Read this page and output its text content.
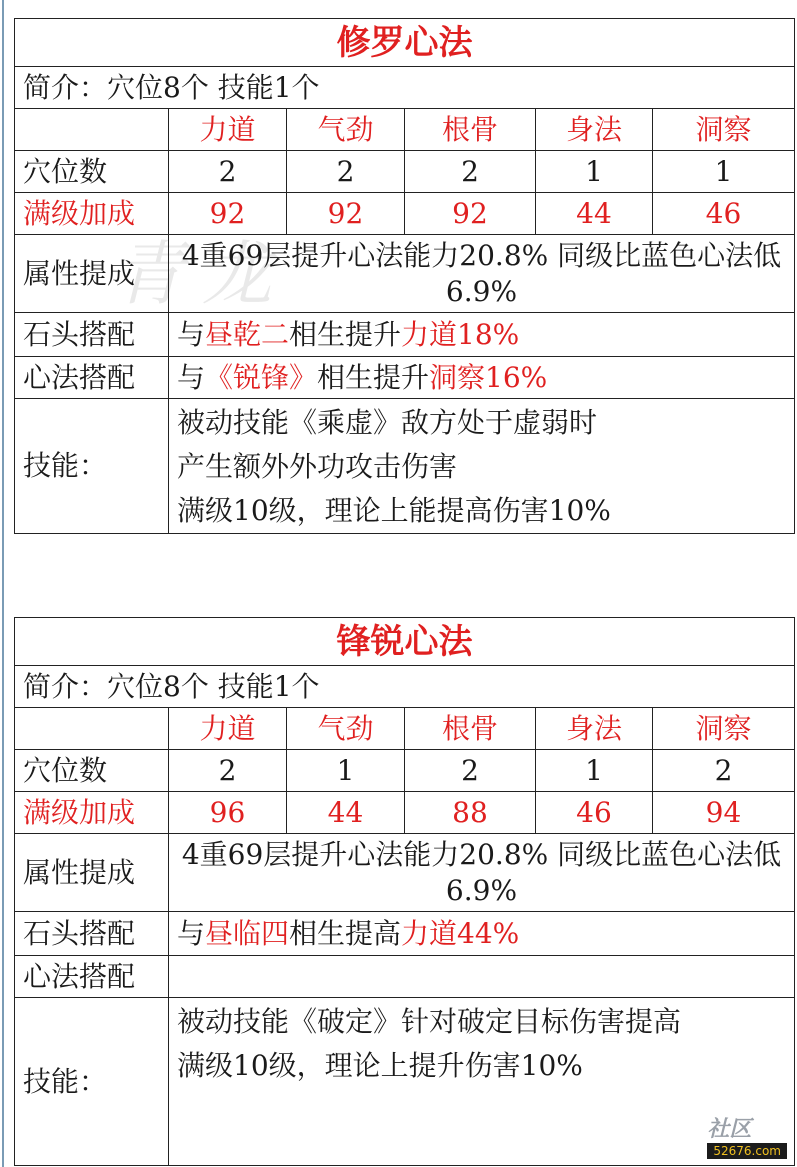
青龙
修罗心法					
简介：穴位8个 技能1个					
	力道	气劲	根骨	身法	洞察
穴位数	2	2	2	1	1
满级加成	92	92	92	44	46
属性提成	4重69层提升心法能力20.8% 同级比蓝色心法低6.9%				
石头搭配	与昼乾二相生提升力道18%				
心法搭配	与《锐锋》相生提升洞察16%				
技能：	被动技能《乘虚》敌方处于虚弱时
产生额外外功攻击伤害
满级10级，理论上能提高伤害10%				
锋锐心法					
简介：穴位8个 技能1个					
	力道	气劲	根骨	身法	洞察
穴位数	2	1	2	1	2
满级加成	96	44	88	46	94
属性提成	4重69层提升心法能力20.8% 同级比蓝色心法低6.9%				
石头搭配	与昼临四相生提高力道44%				
心法搭配					
技能：	被动技能《破定》针对破定目标伤害提高
满级10级，理论上提升伤害10%				
社区
52676.com
